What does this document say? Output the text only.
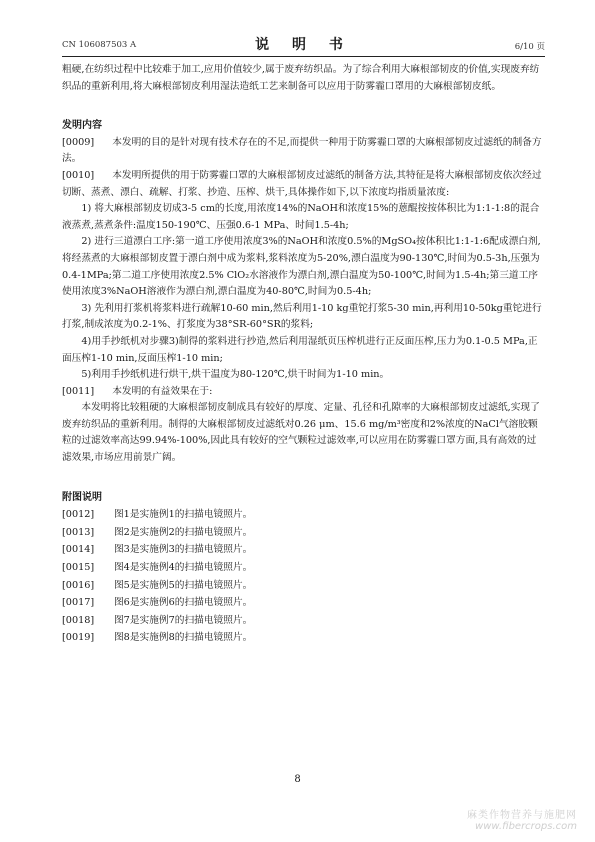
CN 106087503 A	说 明 书	6/10 页

粗硬,在纺织过程中比较难于加工,应用价值较少,属于废弃纺织品。为了综合利用大麻根部韧皮的价值,实现废弃纺织品的重新利用,将大麻根部韧皮利用湿法造纸工艺来制备可以应用于防雾霾口罩用的大麻根部韧皮纸。

发明内容

[0009] 本发明的目的是针对现有技术存在的不足,而提供一种用于防雾霾口罩的大麻根部韧皮过滤纸的制备方法。

[0010] 本发明所提供的用于防雾霾口罩的大麻根部韧皮过滤纸的制备方法,其特征是将大麻根部韧皮依次经过切断、蒸煮、漂白、疏解、打浆、抄造、压榨、烘干,具体操作如下,以下浓度均指质量浓度:

1) 将大麻根部韧皮切成3-5 cm的长度,用浓度14%的NaOH和浓度15%的蒽醌按按体积比为1:1-1:8的混合液蒸煮,蒸煮条件:温度150-190℃、压强0.6-1 MPa、时间1.5-4h;

2) 进行三道漂白工序:第一道工序使用浓度3%的NaOH和浓度0.5%的MgSO₄按体积比1:1-1:6配成漂白剂,将经蒸煮的大麻根部韧皮置于漂白剂中成为浆料,浆料浓度为5-20%,漂白温度为90-130℃,时间为0.5-3h,压强为0.4-1MPa;第二道工序使用浓度2.5% ClO₂水溶液作为漂白剂,漂白温度为50-100℃,时间为1.5-4h;第三道工序使用浓度3%NaOH溶液作为漂白剂,漂白温度为40-80℃,时间为0.5-4h;

3) 先利用打浆机将浆料进行疏解10-60 min,然后利用1-10 kg重铊打浆5-30 min,再利用10-50kg重铊进行打浆,制成浓度为0.2-1%、打浆度为38°SR-60°SR的浆料;

4)用手抄纸机对步骤3)制得的浆料进行抄造,然后利用湿纸页压榨机进行正反面压榨,压力为0.1-0.5 MPa,正面压榨1-10 min,反面压榨1-10 min;

5)利用手抄纸机进行烘干,烘干温度为80-120℃,烘干时间为1-10 min。

[0011] 本发明的有益效果在于:

本发明将比较粗硬的大麻根部韧皮制成具有较好的厚度、定量、孔径和孔隙率的大麻根部韧皮过滤纸,实现了废弃纺织品的重新利用。制得的大麻根部韧皮过滤纸对0.26 μm、15.6 mg/m³密度和2%浓度的NaCl气溶胶颗粒的过滤效率高达99.94%-100%,因此具有较好的空气颗粒过滤效率,可以应用在防雾霾口罩方面,具有高效的过滤效果,市场应用前景广阔。

附图说明

[0012] 图1是实施例1的扫描电镜照片。

[0013] 图2是实施例2的扫描电镜照片。

[0014] 图3是实施例3的扫描电镜照片。

[0015] 图4是实施例4的扫描电镜照片。

[0016] 图5是实施例5的扫描电镜照片。

[0017] 图6是实施例6的扫描电镜照片。

[0018] 图7是实施例7的扫描电镜照片。

[0019] 图8是实施例8的扫描电镜照片。

8
麻类作物营养与施肥网
www.fibercrops.com
